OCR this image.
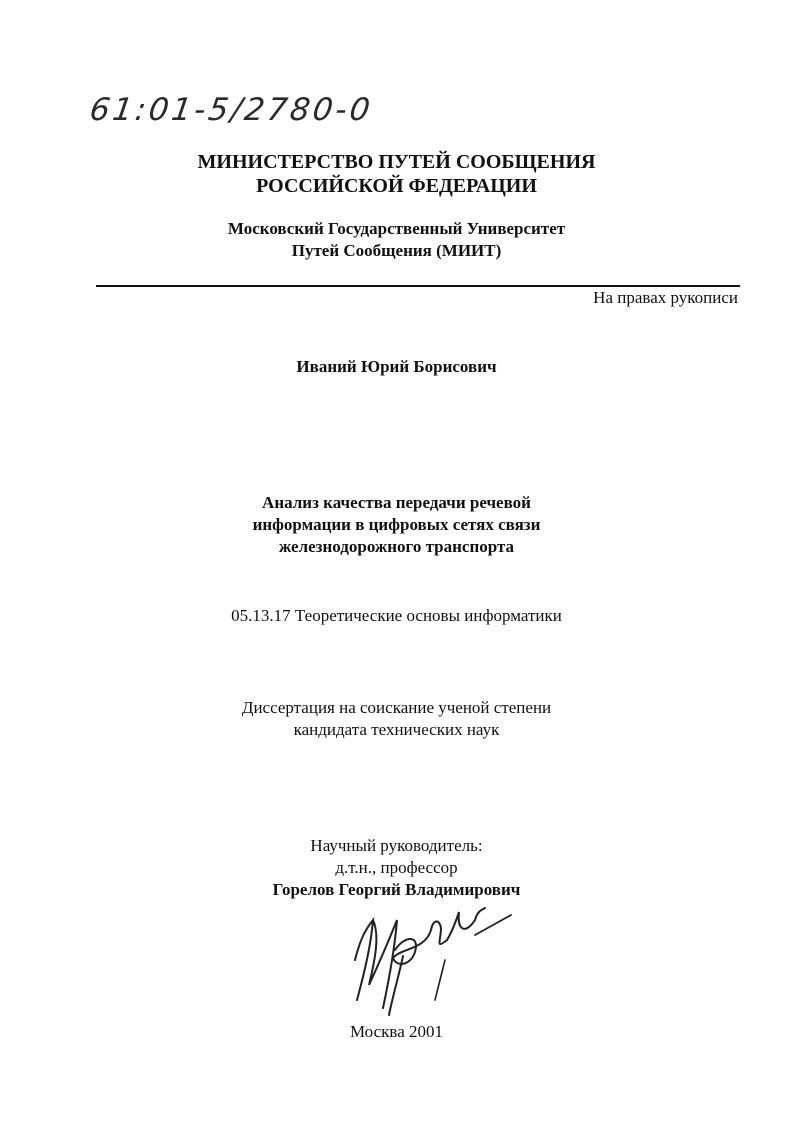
61:01-5/2780-0
МИНИСТЕРСТВО ПУТЕЙ СООБЩЕНИЯ
РОССИЙСКОЙ ФЕДЕРАЦИИ
Московский Государственный Университет
Путей Сообщения (МИИТ)
На правах рукописи
Иваний Юрий Борисович
Анализ качества передачи речевой
информации в цифровых сетях связи
железнодорожного транспорта
05.13.17 Теоретические основы информатики
Диссертация на соискание ученой степени
кандидата технических наук
Научный руководитель:
д.т.н., профессор
Горелов Георгий Владимирович
Москва 2001
